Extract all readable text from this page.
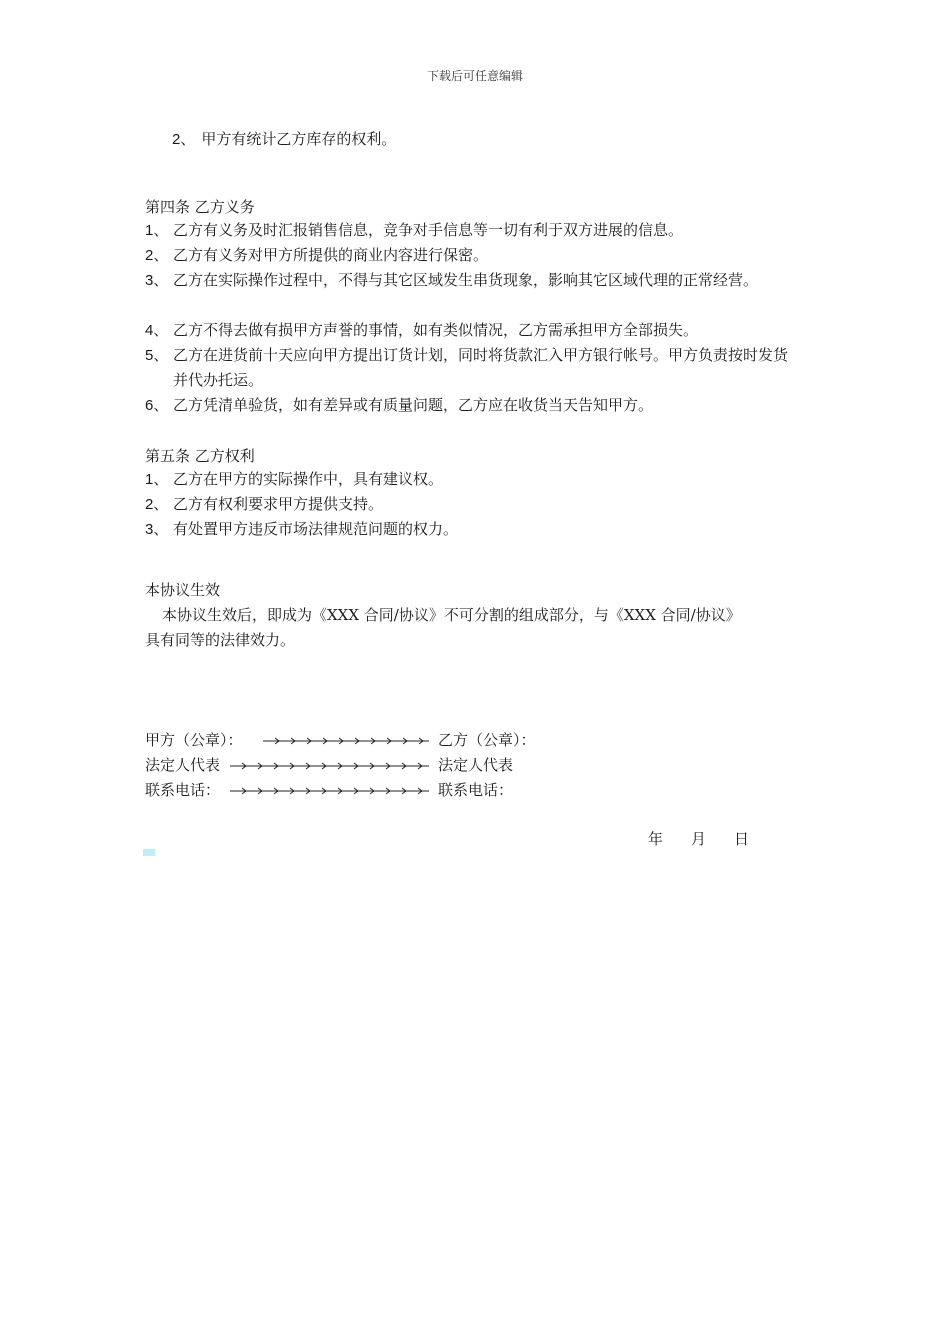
下载后可任意编辑
2、 甲方有统计乙方库存的权利。
第四条 乙方义务
1、 乙方有义务及时汇报销售信息，竞争对手信息等一切有利于双方进展的信息。
2、 乙方有义务对甲方所提供的商业内容进行保密。
3、 乙方在实际操作过程中，不得与其它区域发生串货现象，影响其它区域代理的正常经营。
4、 乙方不得去做有损甲方声誉的事情，如有类似情况，乙方需承担甲方全部损失。
5、 乙方在进货前十天应向甲方提出订货计划，同时将货款汇入甲方银行帐号。甲方负责按时发货并代办托运。
6、 乙方凭清单验货，如有差异或有质量问题，乙方应在收货当天告知甲方。
第五条 乙方权利
1、 乙方在甲方的实际操作中，具有建议权。
2、 乙方有权利要求甲方提供支持。
3、 有处置甲方违反市场法律规范问题的权力。
本协议生效
本协议生效后，即成为《XXX 合同/协议》不可分割的组成部分，与《XXX 合同/协议》
具有同等的法律效力。
甲方（公章）：	乙方（公章）：
法定人代表	法定人代表
联系电话：	联系电话：
年 月 日
